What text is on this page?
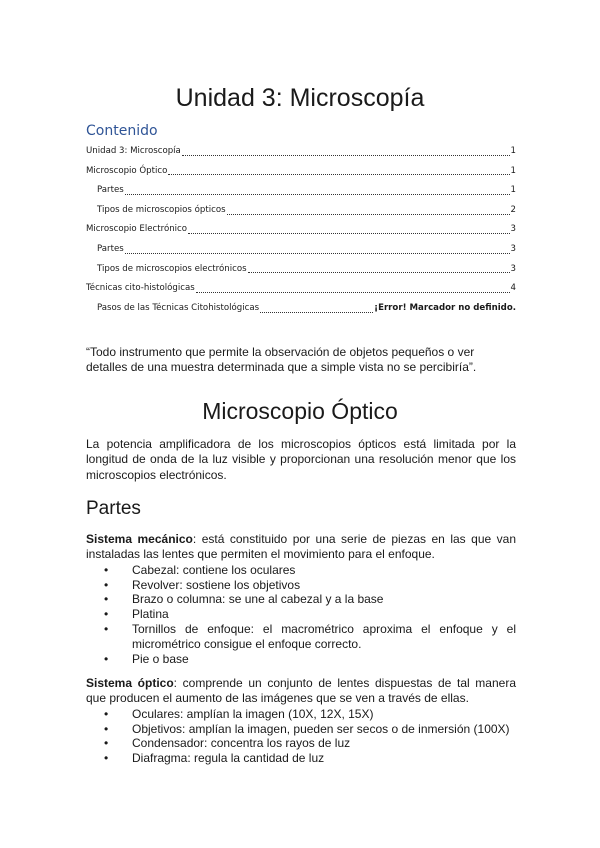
Unidad 3: Microscopía
Contenido
Unidad 3: Microscopía	1
Microscopio Óptico	1
Partes	1
Tipos de microscopios ópticos	2
Microscopio Electrónico	3
Partes	3
Tipos de microscopios electrónicos	3
Técnicas cito-histológicas	4
Pasos de las Técnicas Citohistológicas	¡Error! Marcador no definido.

“Todo instrumento que permite la observación de objetos pequeños o ver detalles de una muestra determinada que a simple vista no se percibiría”.

Microscopio Óptico

La potencia amplificadora de los microscopios ópticos está limitada por la longitud de onda de la luz visible y proporcionan una resolución menor que los microscopios electrónicos.

Partes

Sistema mecánico: está constituido por una serie de piezas en las que van instaladas las lentes que permiten el movimiento para el enfoque.

• Cabezal: contiene los oculares
• Revolver: sostiene los objetivos
• Brazo o columna: se une al cabezal y a la base
• Platina
• Tornillos de enfoque: el macrométrico aproxima el enfoque y el micrométrico consigue el enfoque correcto.
• Pie o base

Sistema óptico: comprende un conjunto de lentes dispuestas de tal manera que producen el aumento de las imágenes que se ven a través de ellas.

• Oculares: amplían la imagen (10X, 12X, 15X)
• Objetivos: amplían la imagen, pueden ser secos o de inmersión (100X)
• Condensador: concentra los rayos de luz
• Diafragma: regula la cantidad de luz
